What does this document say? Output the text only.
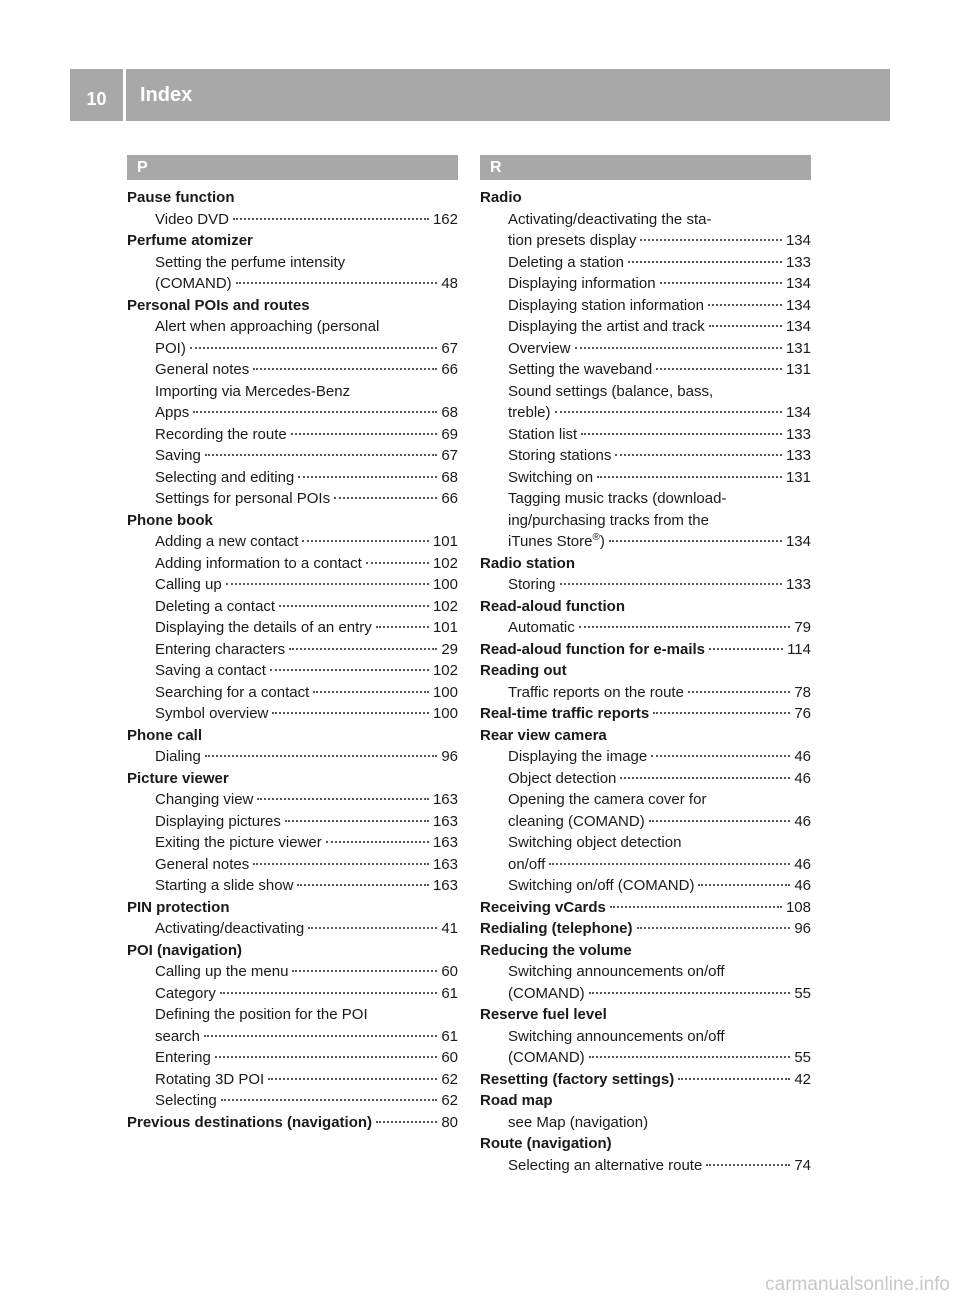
10	Index
P
Pause function
Video DVD	162
Perfume atomizer
Setting the perfume intensity
(COMAND)	48
Personal POIs and routes
Alert when approaching (personal
POI)	67
General notes	66
Importing via Mercedes-Benz
Apps	68
Recording the route	69
Saving	67
Selecting and editing	68
Settings for personal POIs	66
Phone book
Adding a new contact	101
Adding information to a contact	102
Calling up	100
Deleting a contact	102
Displaying the details of an entry	101
Entering characters	29
Saving a contact	102
Searching for a contact	100
Symbol overview	100
Phone call
Dialing	96
Picture viewer
Changing view	163
Displaying pictures	163
Exiting the picture viewer	163
General notes	163
Starting a slide show	163
PIN protection
Activating/deactivating	41
POI (navigation)
Calling up the menu	60
Category	61
Defining the position for the POI
search	61
Entering	60
Rotating 3D POI	62
Selecting	62
Previous destinations (navigation)	80
R
Radio
Activating/deactivating the sta-
tion presets display	134
Deleting a station	133
Displaying information	134
Displaying station information	134
Displaying the artist and track	134
Overview	131
Setting the waveband	131
Sound settings (balance, bass,
treble)	134
Station list	133
Storing stations	133
Switching on	131
Tagging music tracks (download-
ing/purchasing tracks from the
iTunes Store®)	134
Radio station
Storing	133
Read-aloud function
Automatic	79
Read-aloud function for e-mails	114
Reading out
Traffic reports on the route	78
Real-time traffic reports	76
Rear view camera
Displaying the image	46
Object detection	46
Opening the camera cover for
cleaning (COMAND)	46
Switching object detection
on/off	46
Switching on/off (COMAND)	46
Receiving vCards	108
Redialing (telephone)	96
Reducing the volume
Switching announcements on/off
(COMAND)	55
Reserve fuel level
Switching announcements on/off
(COMAND)	55
Resetting (factory settings)	42
Road map
see Map (navigation)
Route (navigation)
Selecting an alternative route	74
carmanualsonline.info
